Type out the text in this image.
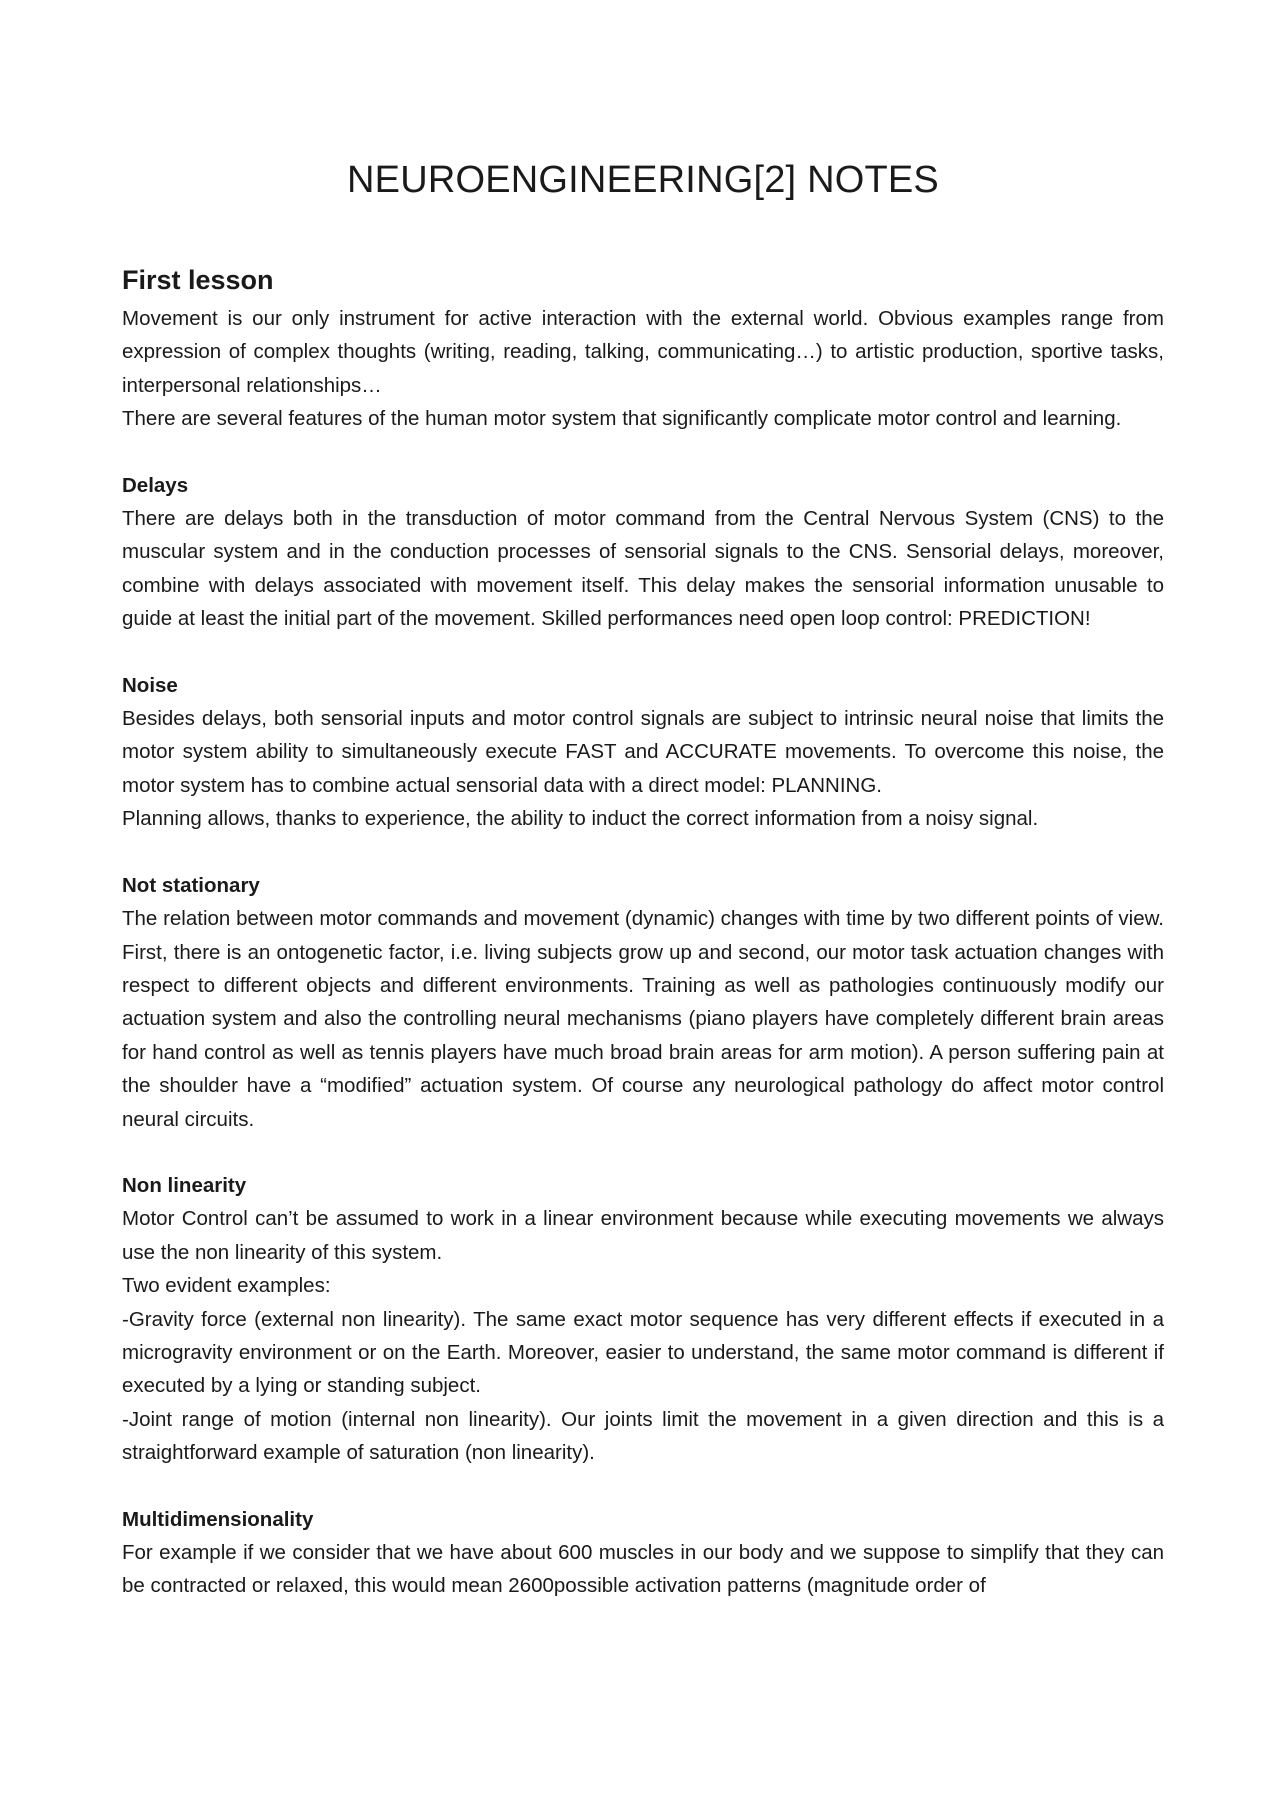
NEUROENGINEERING[2] NOTES
First lesson

Movement is our only instrument for active interaction with the external world. Obvious examples range from expression of complex thoughts (writing, reading, talking, communicating…) to artistic production, sportive tasks, interpersonal relationships…

There are several features of the human motor system that significantly complicate motor control and learning.

Delays

There are delays both in the transduction of motor command from the Central Nervous System (CNS) to the muscular system and in the conduction processes of sensorial signals to the CNS. Sensorial delays, moreover, combine with delays associated with movement itself. This delay makes the sensorial information unusable to guide at least the initial part of the movement. Skilled performances need open loop control: PREDICTION!

Noise

Besides delays, both sensorial inputs and motor control signals are subject to intrinsic neural noise that limits the motor system ability to simultaneously execute FAST and ACCURATE movements. To overcome this noise, the motor system has to combine actual sensorial data with a direct model: PLANNING.

Planning allows, thanks to experience, the ability to induct the correct information from a noisy signal.

Not stationary

The relation between motor commands and movement (dynamic) changes with time by two different points of view. First, there is an ontogenetic factor, i.e. living subjects grow up and second, our motor task actuation changes with respect to different objects and different environments. Training as well as pathologies continuously modify our actuation system and also the controlling neural mechanisms (piano players have completely different brain areas for hand control as well as tennis players have much broad brain areas for arm motion). A person suffering pain at the shoulder have a “modified” actuation system. Of course any neurological pathology do affect motor control neural circuits.

Non linearity

Motor Control can’t be assumed to work in a linear environment because while executing movements we always use the non linearity of this system.

Two evident examples:

-Gravity force (external non linearity). The same exact motor sequence has very different effects if executed in a microgravity environment or on the Earth. Moreover, easier to understand, the same motor command is different if executed by a lying or standing subject.

-Joint range of motion (internal non linearity). Our joints limit the movement in a given direction and this is a straightforward example of saturation (non linearity).

Multidimensionality

For example if we consider that we have about 600 muscles in our body and we suppose to simplify that they can be contracted or relaxed, this would mean 2600possible activation patterns (magnitude order of
